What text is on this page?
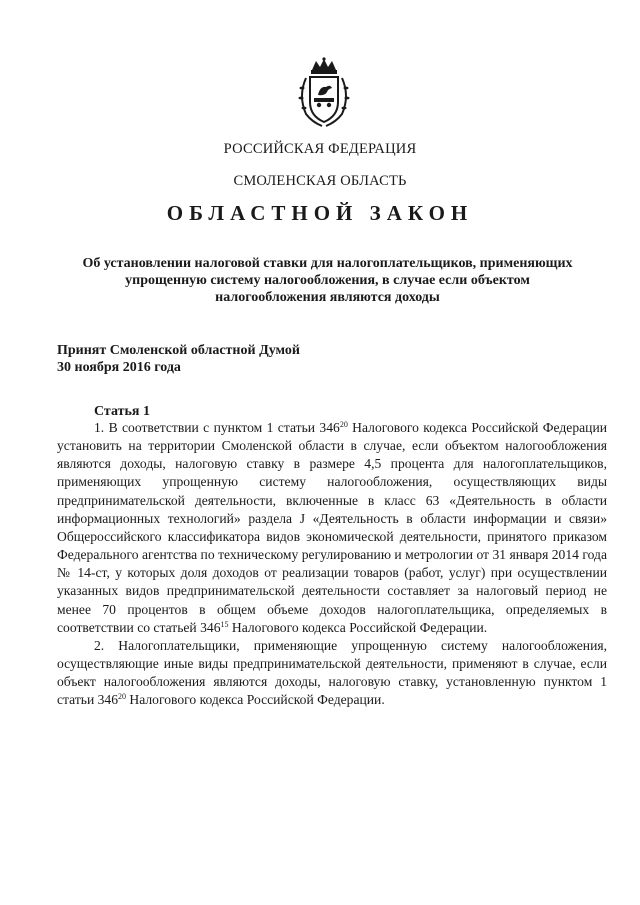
РОССИЙСКАЯ ФЕДЕРАЦИЯ
СМОЛЕНСКАЯ ОБЛАСТЬ
ОБЛАСТНОЙ ЗАКОН
Об установлении налоговой ставки для налогоплательщиков, применяющих
упрощенную систему налогообложения, в случае если объектом
налогообложения являются доходы
Принят Смоленской областной Думой
30 ноября 2016 года
Статья 1

1. В соответствии с пунктом 1 статьи $346^{20}$ Налогового кодекса Российской Федерации установить на территории Смоленской области в случае, если объектом налогообложения являются доходы, налоговую ставку в размере 4,5 процента для налогоплательщиков, применяющих упрощенную систему налогообложения, осуществляющих виды предпринимательской деятельности, включенные в класс 63 «Деятельность в области информационных технологий» раздела J «Деятельность в области информации и связи» Общероссийского классификатора видов экономической деятельности, принятого приказом Федерального агентства по техническому регулированию и метрологии от 31 января 2014 года № 14-ст, у которых доля доходов от реализации товаров (работ, услуг) при осуществлении указанных видов предпринимательской деятельности составляет за налоговый период не менее 70 процентов в общем объеме доходов налогоплательщика, определяемых в соответствии со статьей $346^{15}$ Налогового кодекса Российской Федерации.

2. Налогоплательщики, применяющие упрощенную систему налогообложения, осуществляющие иные виды предпринимательской деятельности, применяют в случае, если объект налогообложения являются доходы, налоговую ставку, установленную пунктом 1 статьи $346^{20}$ Налогового кодекса Российской Федерации.
